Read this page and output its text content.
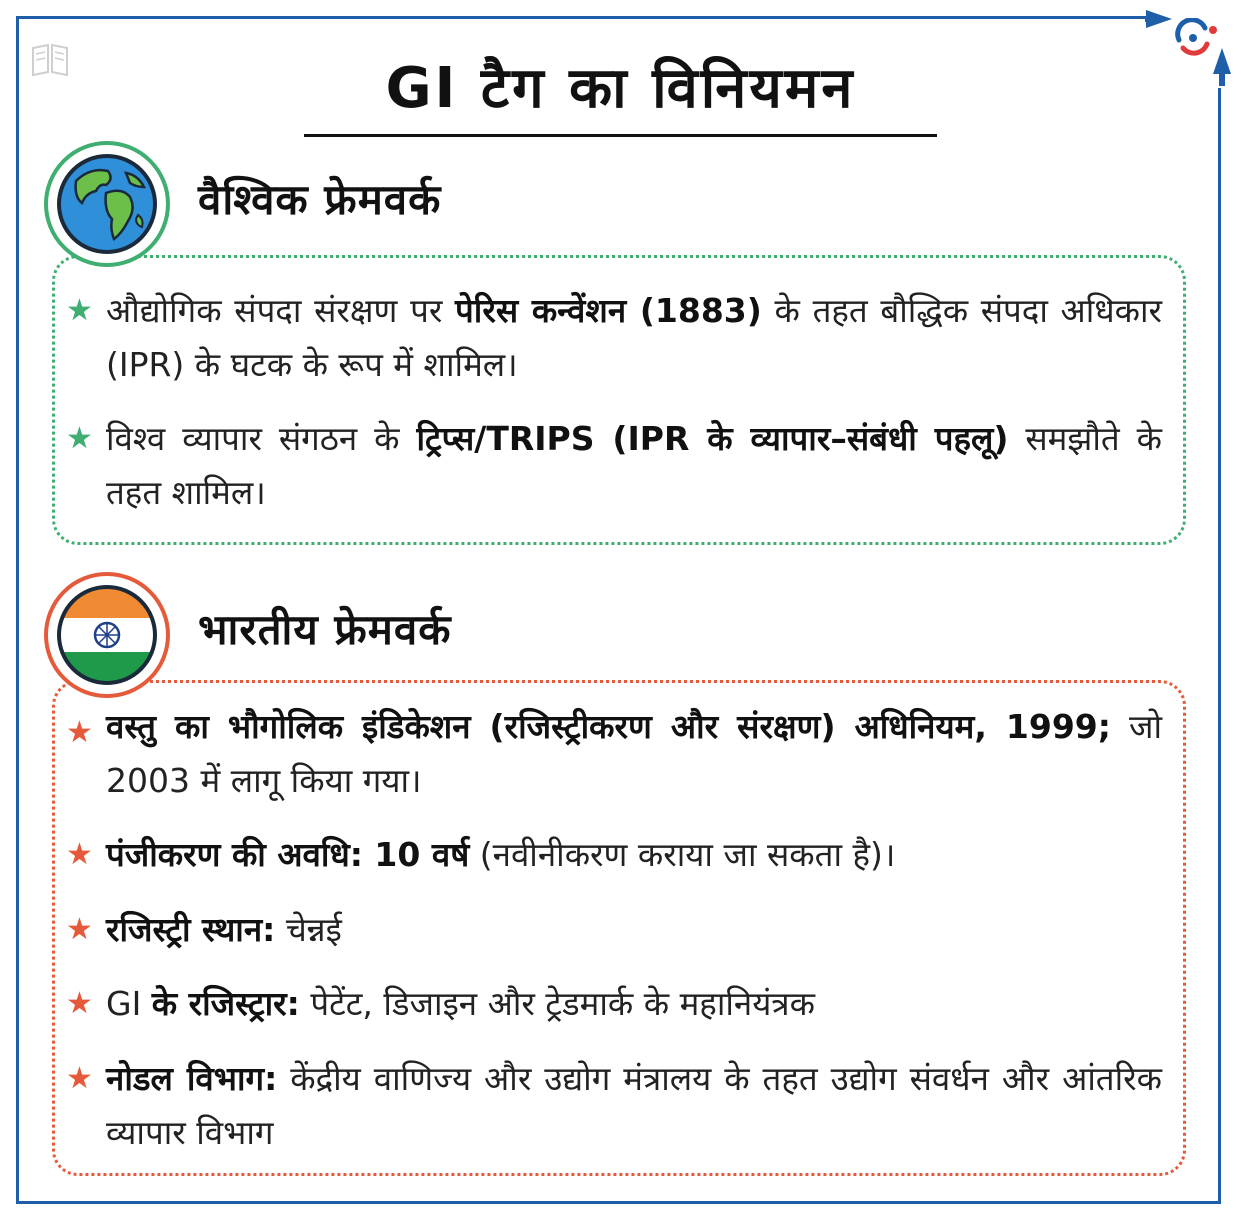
GI टैग का विनियमन
वैश्विक फ्रेमवर्क
★ औद्योगिक संपदा संरक्षण पर पेरिस कन्वेंशन (1883) के तहत बौद्धिक संपदा अधिकार (IPR) के घटक के रूप में शामिल।
★ विश्व व्यापार संगठन के ट्रिप्स/TRIPS (IPR के व्यापार–संबंधी पहलू) समझौते के तहत शामिल।
भारतीय फ्रेमवर्क
★ वस्तु का भौगोलिक इंडिकेशन (रजिस्ट्रीकरण और संरक्षण) अधिनियम, 1999; जो 2003 में लागू किया गया।
★ पंजीकरण की अवधि: 10 वर्ष (नवीनीकरण कराया जा सकता है)।
★ रजिस्ट्री स्थान: चेन्नई
★ GI के रजिस्ट्रार: पेटेंट, डिजाइन और ट्रेडमार्क के महानियंत्रक
★ नोडल विभाग: केंद्रीय वाणिज्य और उद्योग मंत्रालय के तहत उद्योग संवर्धन और आंतरिक व्यापार विभाग
